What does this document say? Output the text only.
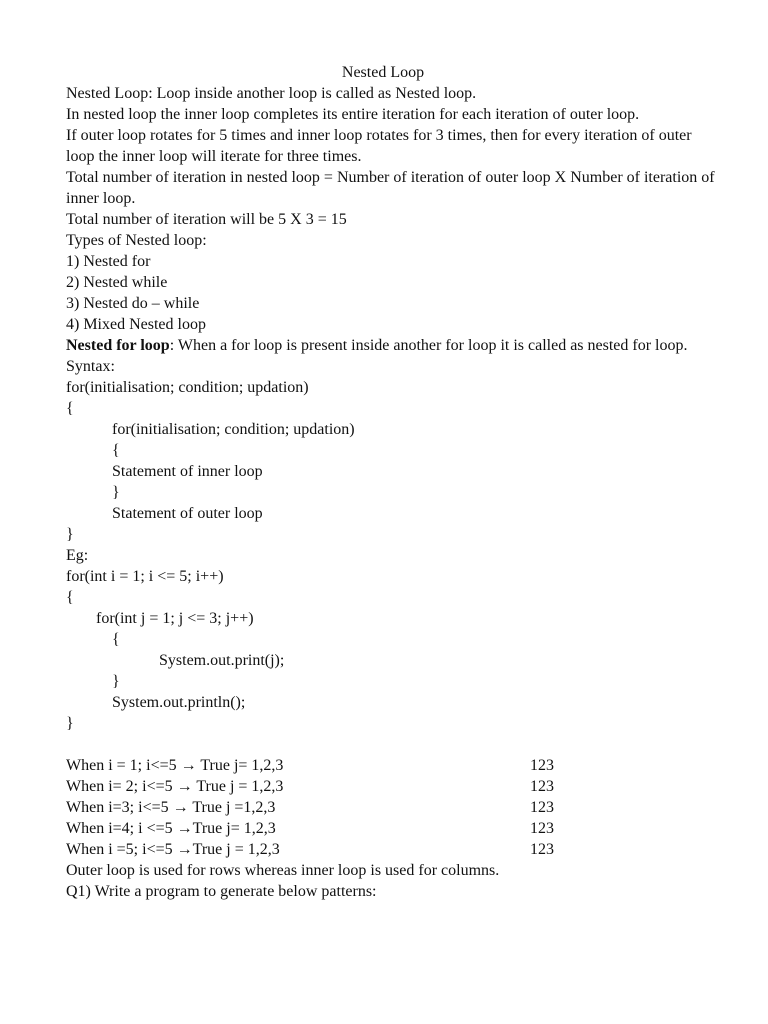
Nested Loop
Nested Loop: Loop inside another loop is called as Nested loop.
In nested loop the inner loop completes its entire iteration for each iteration of outer loop.
If outer loop rotates for 5 times and inner loop rotates for 3 times, then for every iteration of outer loop the inner loop will iterate for three times.
Total number of iteration in nested loop = Number of iteration of outer loop X Number of iteration of inner loop.
Total number of iteration will be 5 X 3 = 15
Types of Nested loop:
1) Nested for
2) Nested while
3) Nested do – while
4) Mixed Nested loop
Nested for loop: When a for loop is present inside another for loop it is called as nested for loop.
Syntax:
for(initialisation; condition; updation)
{
for(initialisation; condition; updation)
{
Statement of inner loop
}
Statement of outer loop
}
Eg:
for(int i = 1; i <= 5; i++)
{
for(int j = 1; j <= 3; j++)
{
System.out.print(j);
}
System.out.println();
}
When i = 1; i<=5 → True j= 1,2,3	123
When i= 2; i<=5 → True j = 1,2,3	123
When i=3; i<=5 → True j =1,2,3	123
When i=4; i <=5 →True j= 1,2,3	123
When i =5; i<=5 →True j = 1,2,3	123
Outer loop is used for rows whereas inner loop is used for columns.
Q1) Write a program to generate below patterns:
